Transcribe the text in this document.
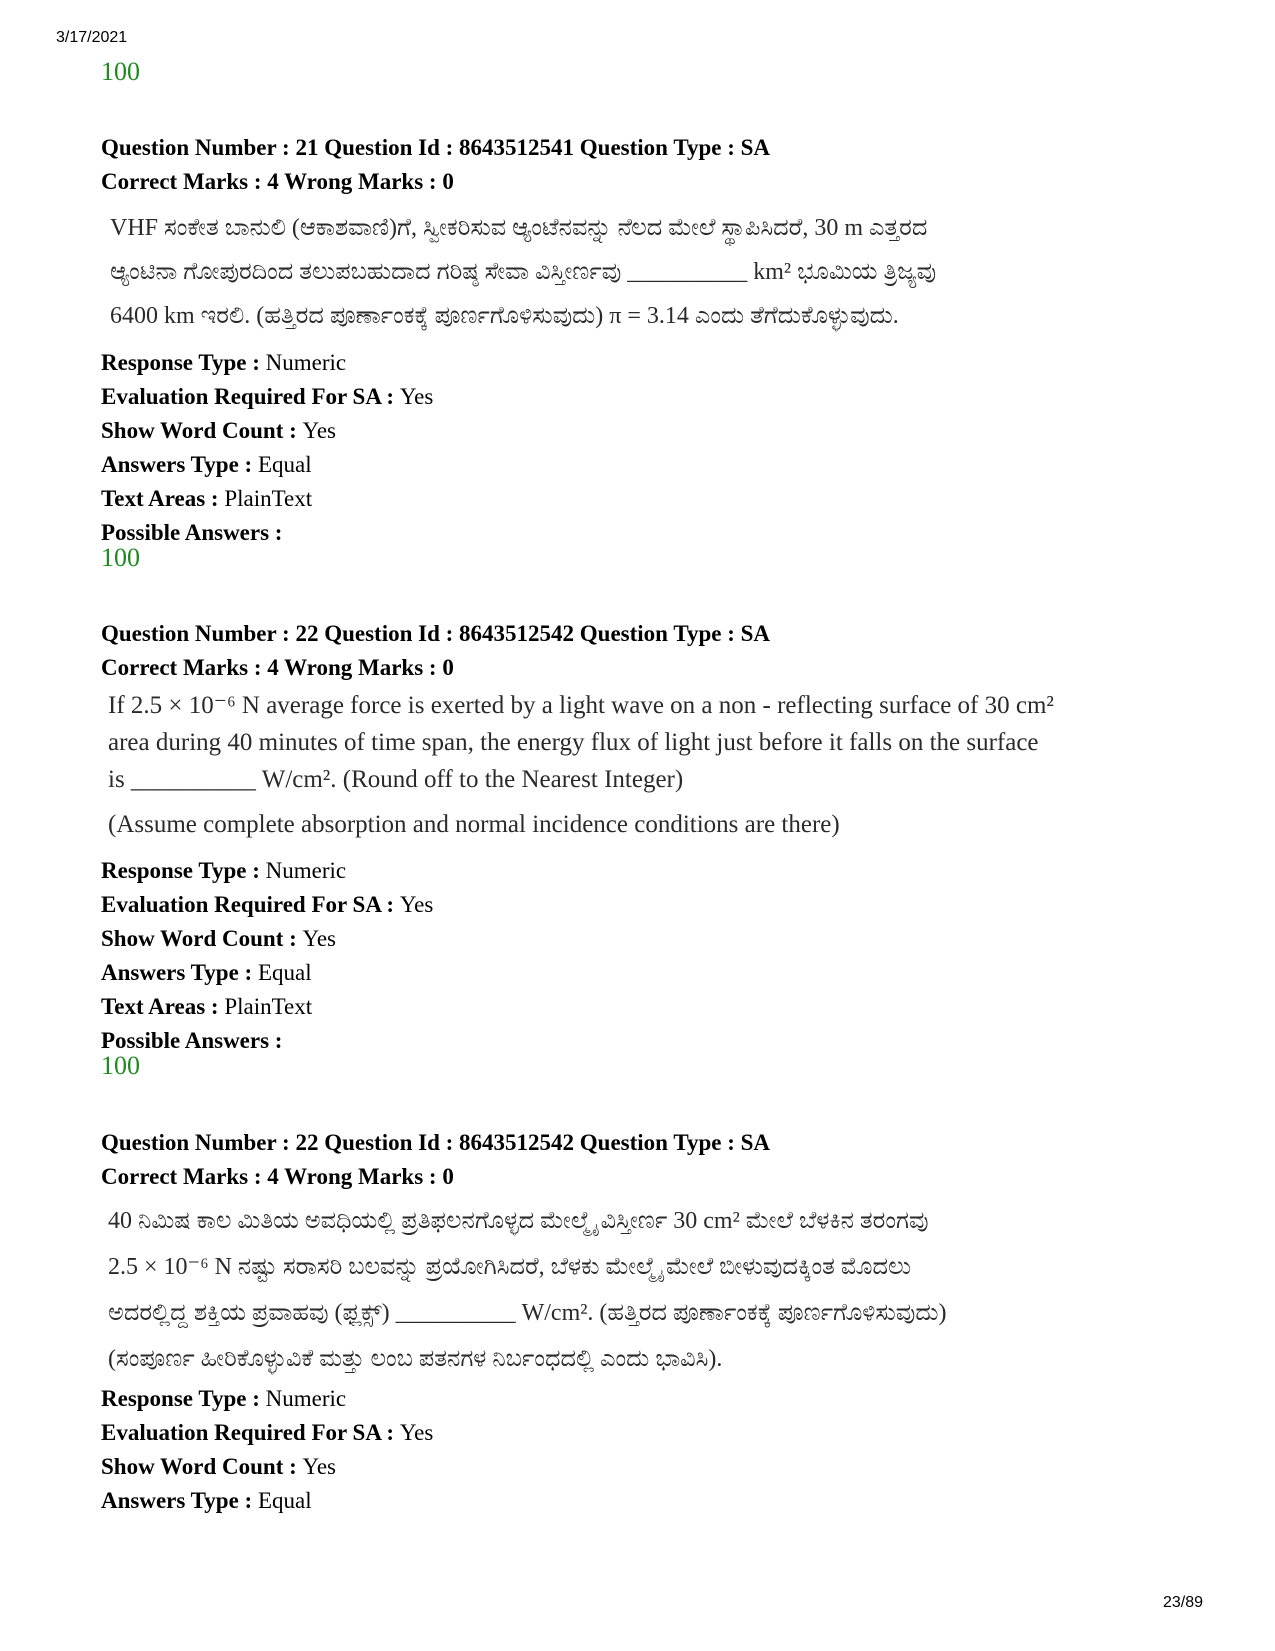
3/17/2021
100
Question Number : 21 Question Id : 8643512541 Question Type : SA
Correct Marks : 4 Wrong Marks : 0

VHF ಸಂಕೇತ ಬಾನುಲಿ (ಆಕಾಶವಾಣಿ)ಗೆ, ಸ್ವೀಕರಿಸುವ ಆ್ಯಂಟೆನವನ್ನು ನೆಲದ ಮೇಲೆ ಸ್ಥಾಪಿಸಿದರೆ, 30 m ಎತ್ತರದ

ಆ್ಯಂಟಿನಾ ಗೋಪುರದಿಂದ ತಲುಪಬಹುದಾದ ಗರಿಷ್ಠ ಸೇವಾ ವಿಸ್ತೀರ್ಣವು __________ km² ಭೂಮಿಯ ತ್ರಿಜ್ಯವು

6400 km ಇರಲಿ. (ಹತ್ತಿರದ ಪೂರ್ಣಾಂಕಕ್ಕೆ ಪೂರ್ಣಗೊಳಿಸುವುದು) π = 3.14 ಎಂದು ತೆಗೆದುಕೊಳ್ಳುವುದು.

Response Type : Numeric
Evaluation Required For SA : Yes
Show Word Count : Yes
Answers Type : Equal
Text Areas : PlainText
Possible Answers :
100
Question Number : 22 Question Id : 8643512542 Question Type : SA
Correct Marks : 4 Wrong Marks : 0

If 2.5 × 10⁻⁶ N average force is exerted by a light wave on a non - reflecting surface of 30 cm²

area during 40 minutes of time span, the energy flux of light just before it falls on the surface

is __________ W/cm². (Round off to the Nearest Integer)

(Assume complete absorption and normal incidence conditions are there)

Response Type : Numeric
Evaluation Required For SA : Yes
Show Word Count : Yes
Answers Type : Equal
Text Areas : PlainText
Possible Answers :
100
Question Number : 22 Question Id : 8643512542 Question Type : SA
Correct Marks : 4 Wrong Marks : 0

40 ನಿಮಿಷ ಕಾಲ ಮಿತಿಯ ಅವಧಿಯಲ್ಲಿ ಪ್ರತಿಫಲನಗೊಳ್ಳದ ಮೇಲ್ಮೈ ವಿಸ್ತೀರ್ಣ 30 cm² ಮೇಲೆ ಬೆಳಕಿನ ತರಂಗವು

2.5 × 10⁻⁶ N ನಷ್ಟು ಸರಾಸರಿ ಬಲವನ್ನು ಪ್ರಯೋಗಿಸಿದರೆ, ಬೆಳಕು ಮೇಲ್ಮೈ ಮೇಲೆ ಬೀಳುವುದಕ್ಕಿಂತ ಮೊದಲು

ಅದರಲ್ಲಿದ್ದ ಶಕ್ತಿಯ ಪ್ರವಾಹವು (ಫ್ಲಕ್ಸ್) __________ W/cm². (ಹತ್ತಿರದ ಪೂರ್ಣಾಂಕಕ್ಕೆ ಪೂರ್ಣಗೊಳಿಸುವುದು)

(ಸಂಪೂರ್ಣ ಹೀರಿಕೊಳ್ಳುವಿಕೆ ಮತ್ತು ಲಂಬ ಪತನಗಳ ನಿರ್ಬಂಧದಲ್ಲಿ ಎಂದು ಭಾವಿಸಿ).

Response Type : Numeric
Evaluation Required For SA : Yes
Show Word Count : Yes
Answers Type : Equal
23/89
